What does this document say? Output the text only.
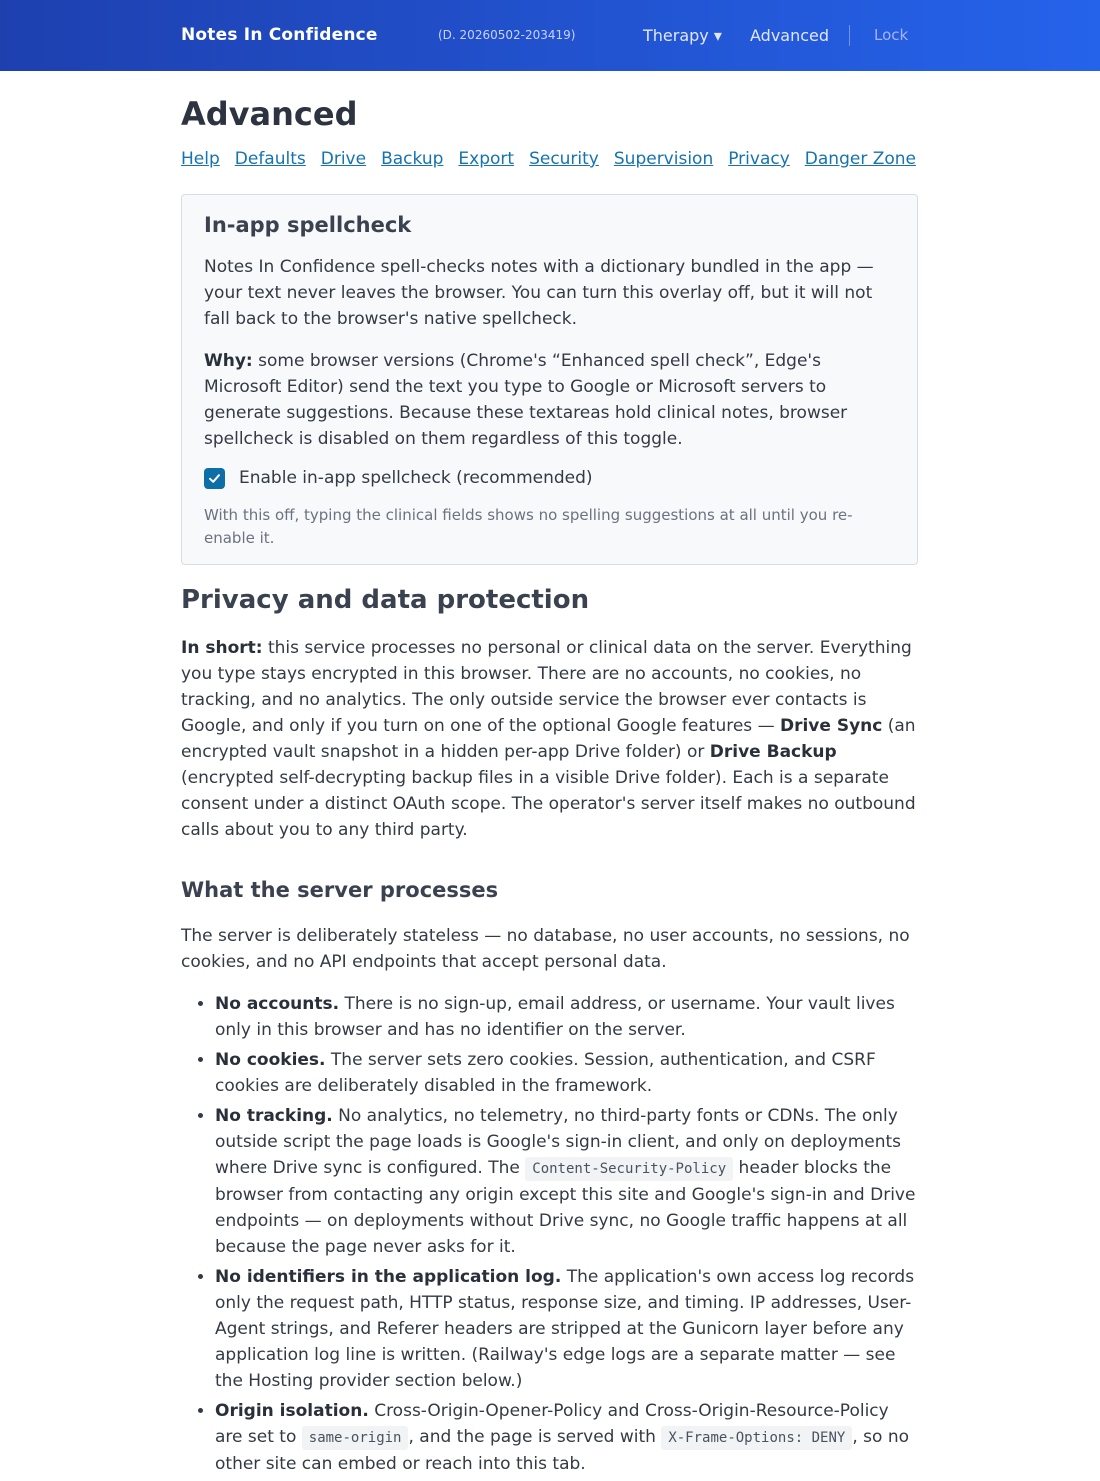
Notes In Confidence	(D. 20260502-203419)	Therapy ▾ Advanced	Lock
Advanced
Help Defaults Drive Backup Export Security Supervision Privacy Danger Zone
In-app spellcheck

Notes In Confidence spell-checks notes with a dictionary bundled in the app — your text never leaves the browser. You can turn this overlay off, but it will not fall back to the browser's native spellcheck.

Why: some browser versions (Chrome's “Enhanced spell check”, Edge's Microsoft Editor) send the text you type to Google or Microsoft servers to generate suggestions. Because these textareas hold clinical notes, browser spellcheck is disabled on them regardless of this toggle.

Enable in-app spellcheck (recommended)

With this off, typing the clinical fields shows no spelling suggestions at all until you re-enable it.

Privacy and data protection

In short: this service processes no personal or clinical data on the server. Everything you type stays encrypted in this browser. There are no accounts, no cookies, no tracking, and no analytics. The only outside service the browser ever contacts is Google, and only if you turn on one of the optional Google features — Drive Sync (an encrypted vault snapshot in a hidden per-app Drive folder) or Drive Backup (encrypted self-decrypting backup files in a visible Drive folder). Each is a separate consent under a distinct OAuth scope. The operator's server itself makes no outbound calls about you to any third party.

What the server processes

The server is deliberately stateless — no database, no user accounts, no sessions, no cookies, and no API endpoints that accept personal data.

• No accounts. There is no sign-up, email address, or username. Your vault lives only in this browser and has no identifier on the server.
• No cookies. The server sets zero cookies. Session, authentication, and CSRF cookies are deliberately disabled in the framework.
• No tracking. No analytics, no telemetry, no third-party fonts or CDNs. The only outside script the page loads is Google's sign-in client, and only on deployments where Drive sync is configured. The Content-Security-Policy header blocks the browser from contacting any origin except this site and Google's sign-in and Drive endpoints — on deployments without Drive sync, no Google traffic happens at all because the page never asks for it.
• No identifiers in the application log. The application's own access log records only the request path, HTTP status, response size, and timing. IP addresses, User-Agent strings, and Referer headers are stripped at the Gunicorn layer before any application log line is written. (Railway's edge logs are a separate matter — see the Hosting provider section below.)
• Origin isolation. Cross-Origin-Opener-Policy and Cross-Origin-Resource-Policy are set to same-origin , and the page is served with X-Frame-Options: DENY , so no other site can embed or reach into this tab.
